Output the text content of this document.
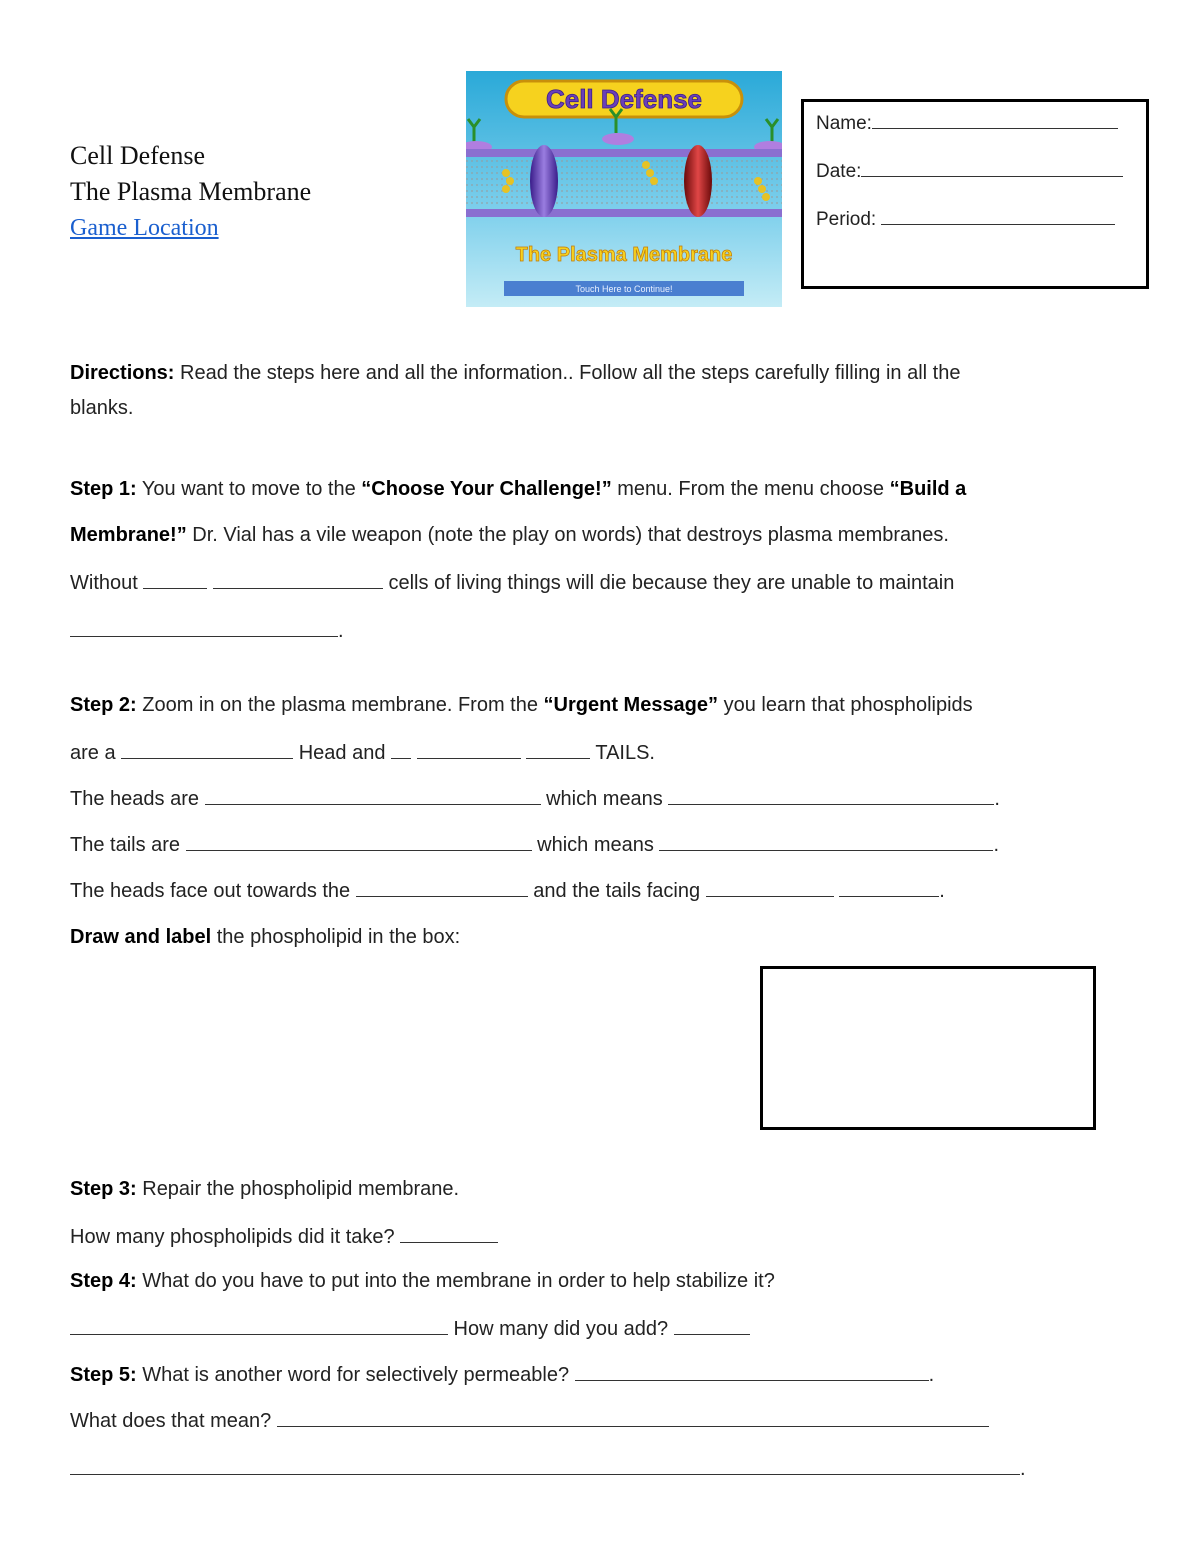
Cell Defense
The Plasma Membrane
Game Location
Cell Defense
The Plasma Membrane
Touch Here to Continue!
Name:
Date:
Period:
Directions: Read the steps here and all the information.. Follow all the steps carefully filling in all the
blanks.
Step 1: You want to move to the “Choose Your Challenge!” menu. From the menu choose “Build a
Membrane!” Dr. Vial has a vile weapon (note the play on words) that destroys plasma membranes.
Without	cells of living things will die because they are unable to maintain
.
Step 2: Zoom in on the plasma membrane. From the “Urgent Message” you learn that phospholipids
are a	Head and	TAILS.
The heads are	which means	.
The tails are	which means	.
The heads face out towards the	and the tails facing	.
Draw and label the phospholipid in the box:
Step 3: Repair the phospholipid membrane.
How many phospholipids did it take?
Step 4: What do you have to put into the membrane in order to help stabilize it?
How many did you add?
Step 5: What is another word for selectively permeable?	.
What does that mean?
.
